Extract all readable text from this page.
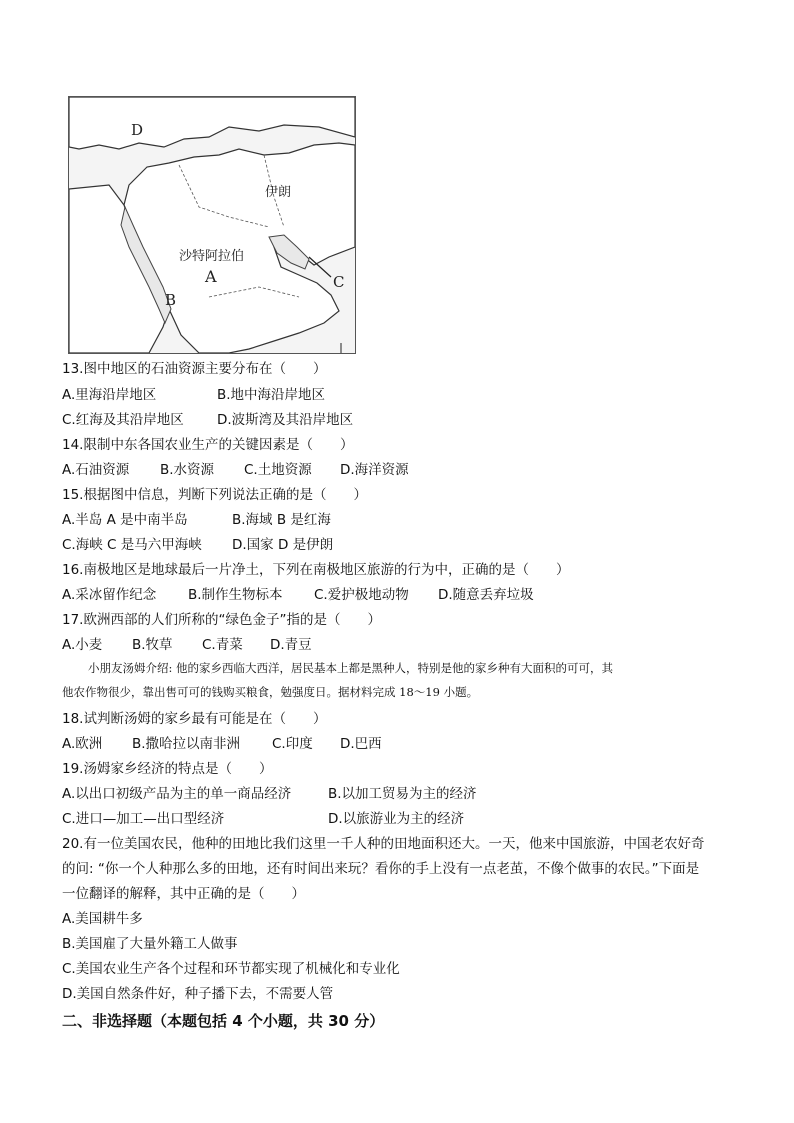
D
伊朗
沙特阿拉伯
A
B
C
13.图中地区的石油资源主要分布在（　　）
A.里海沿岸地区	B.地中海沿岸地区
C.红海及其沿岸地区 D.波斯湾及其沿岸地区
14.限制中东各国农业生产的关键因素是（　　）
A.石油资源 B.水资源 C.土地资源 D.海洋资源
15.根据图中信息，判断下列说法正确的是（　　）
A.半岛 A 是中南半岛	B.海域 B 是红海
C.海峡 C 是马六甲海峡 D.国家 D 是伊朗
16.南极地区是地球最后一片净土，下列在南极地区旅游的行为中，正确的是（　　）
A.采冰留作纪念 B.制作生物标本 C.爱护极地动物 D.随意丢弃垃圾
17.欧洲西部的人们所称的“绿色金子”指的是（　　）
A.小麦 B.牧草 C.青菜 D.青豆
小朋友汤姆介绍: 他的家乡西临大西洋，居民基本上都是黑种人，特别是他的家乡种有大面积的可可，其
他农作物很少，靠出售可可的钱购买粮食，勉强度日。据材料完成 18～19 小题。
18.试判断汤姆的家乡最有可能是在（　　）
A.欧洲 B.撒哈拉以南非洲 C.印度 D.巴西
19.汤姆家乡经济的特点是（　　）
A.以出口初级产品为主的单一商品经济	B.以加工贸易为主的经济
C.进口—加工—出口型经济	D.以旅游业为主的经济
20.有一位美国农民，他种的田地比我们这里一千人种的田地面积还大。一天，他来中国旅游，中国老农好奇
的问: “你一个人种那么多的田地，还有时间出来玩？看你的手上没有一点老茧，不像个做事的农民。”下面是
一位翻译的解释，其中正确的是（　　）
A.美国耕牛多
B.美国雇了大量外籍工人做事
C.美国农业生产各个过程和环节都实现了机械化和专业化
D.美国自然条件好，种子播下去，不需要人管
二、非选择题（本题包括 4 个小题，共 30 分）
